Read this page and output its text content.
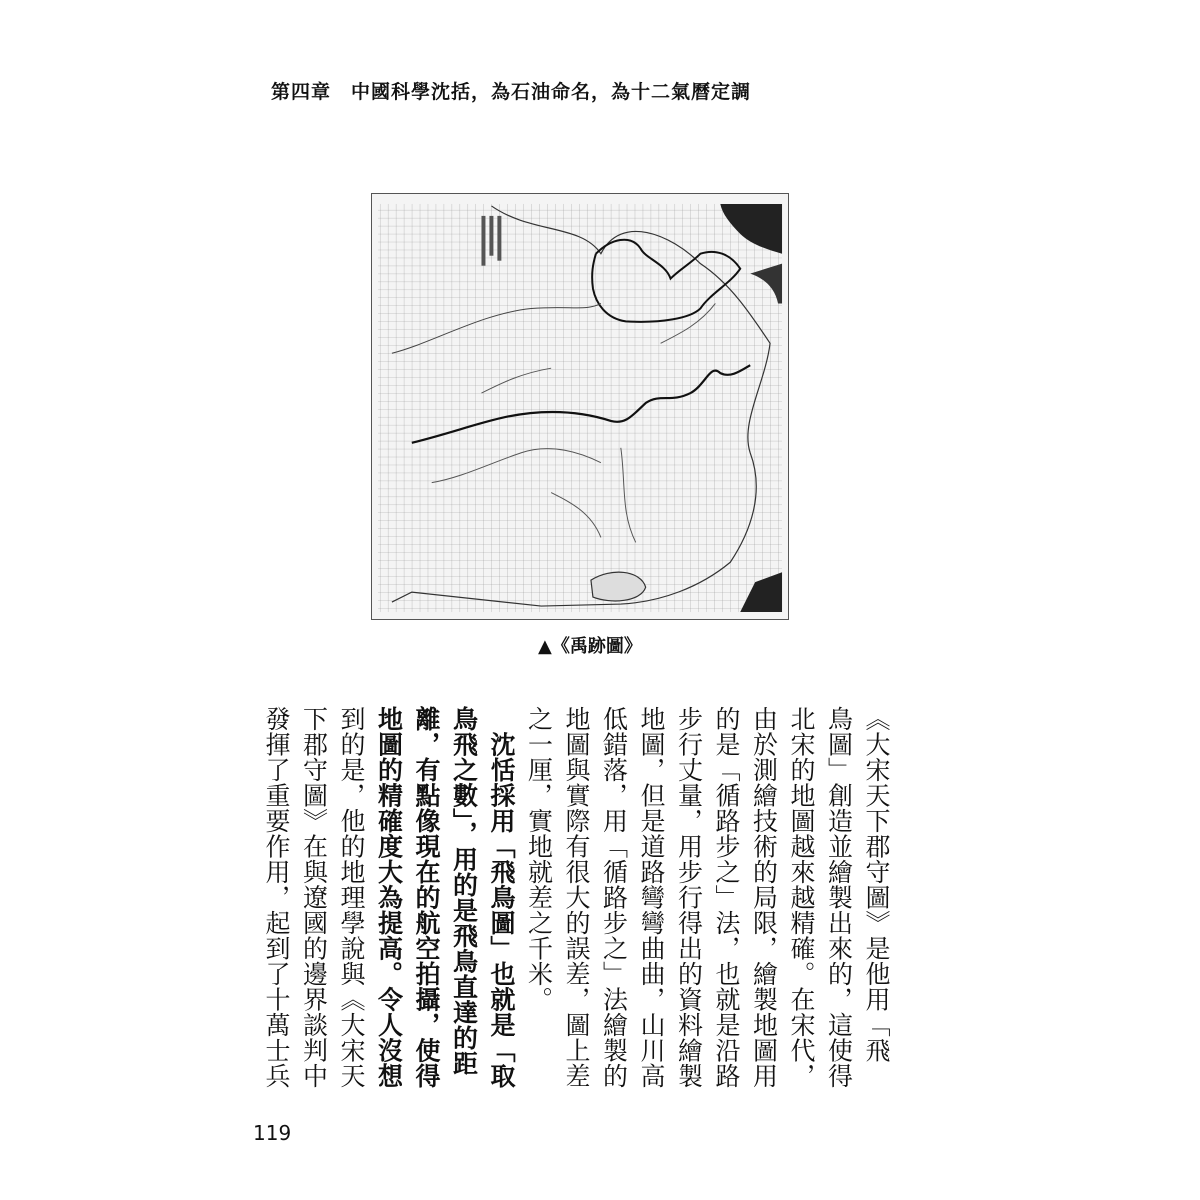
第四章 中國科學沈括，為石油命名，為十二氣曆定調
▲《禹跡圖》
《大宋天下郡守圖》是他用「飛
鳥圖」創造並繪製出來的，這使得
北宋的地圖越來越精確。在宋代，
由於測繪技術的局限，繪製地圖用
的是「循路步之」法，也就是沿路
步行丈量，用步行得出的資料繪製
地圖，但是道路彎彎曲曲，山川高
低錯落，用「循路步之」法繪製的
地圖與實際有很大的誤差，圖上差
之一厘，實地就差之千米。
　沈恬採用「飛鳥圖」也就是「取
鳥飛之數」，用的是飛鳥直達的距
離，有點像現在的航空拍攝，使得
地圖的精確度大為提高。令人沒想
到的是，他的地理學說與《大宋天
下郡守圖》在與遼國的邊界談判中
發揮了重要作用，起到了十萬士兵
119
